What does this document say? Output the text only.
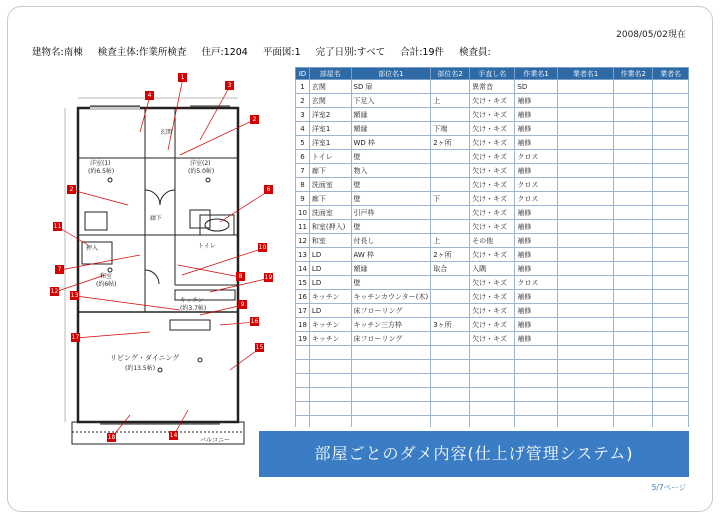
2008/05/02現在
建物名:南棟 検査主体:作業所検査 住戸:1204 平面図:1 完了日別:すべて 合計:19件 検査員:
洋室(1)
(約6.5帖)
洋室(2)
(約5.0帖)
廊下
トイレ
押入
和室
(約6帖)
キッチン
(約3.7帖)
リビング・ダイニング
(約13.5帖)
玄関
バルコニー
1
2
3
4
2	6
11
7
10
8	19
12
13
9
16
17
15
18	14
ID	部屋名	部位名1	部位名2	手直し名	作業名1	業者名1	作業名2	業者名
1	玄関	SD 扉		異常音	SD			
2	玄関	下足入	上	欠け・キズ	補修			
3	洋室2	額縁		欠け・キズ	補修			
4	洋室1	額縁	下端	欠け・キズ	補修			
5	洋室1	WD 枠	2ヶ所	欠け・キズ	補修			
6	トイレ	壁		欠け・キズ	クロス			
7	廊下	物入		欠け・キズ	補修			
8	洗面室	壁		欠け・キズ	クロス			
9	廊下	壁	下	欠け・キズ	クロス			
10	洗面室	引戸枠		欠け・キズ	補修			
11	和室(押入)	壁		欠け・キズ	補修			
12	和室	付長し	上	その他	補修			
13	LD	AW 枠	2ヶ所	欠け・キズ	補修			
14	LD	額縁	取合	入隅	補修			
15	LD	壁		欠け・キズ	クロス			
16	キッチン	キッチンカウンター(木)		欠け・キズ	補修			
17	LD	床フローリング		欠け・キズ	補修			
18	キッチン	キッチン三方枠	3ヶ所	欠け・キズ	補修			
19	キッチン	床フローリング		欠け・キズ	補修			

部屋ごとのダメ内容(仕上げ管理システム)
5/7ページ
